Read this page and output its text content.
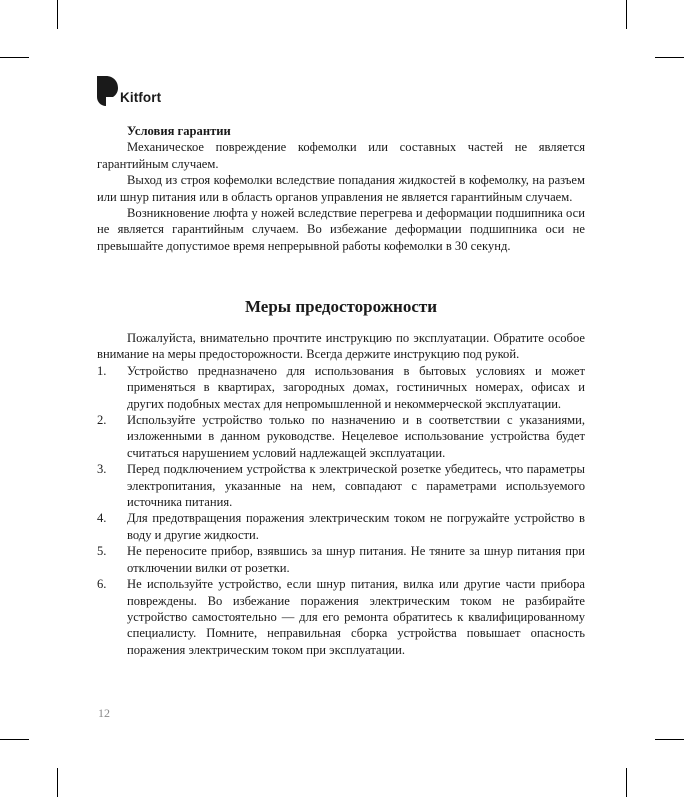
Kitfort
Условия гарантии

Механическое повреждение кофемолки или составных частей не является гарантийным случаем.

Выход из строя кофемолки вследствие попадания жидкостей в кофемолку, на разъем или шнур питания или в область органов управления не является гарантийным случаем.

Возникновение люфта у ножей вследствие перегрева и деформации подшипника оси не является гарантийным случаем. Во избежание деформации подшипника оси не превышайте допустимое время непрерывной работы кофемолки в 30 секунд.

Меры предосторожности

Пожалуйста, внимательно прочтите инструкцию по эксплуатации. Обратите особое внимание на меры предосторожности. Всегда держите инструкцию под рукой.

1.	Устройство предназначено для использования в бытовых условиях и может применяться в квартирах, загородных домах, гостиничных номерах, офисах и других подобных местах для непромышленной и некоммерческой эксплуатации.
2.	Используйте устройство только по назначению и в соответствии с указаниями, изложенными в данном руководстве. Нецелевое использование устройства будет считаться нарушением условий надлежащей эксплуатации.
3.	Перед подключением устройства к электрической розетке убедитесь, что параметры электропитания, указанные на нем, совпадают с параметрами используемого источника питания.
4.	Для предотвращения поражения электрическим током не погружайте устройство в воду и другие жидкости.
5.	Не переносите прибор, взявшись за шнур питания. Не тяните за шнур питания при отключении вилки от розетки.
6.	Не используйте устройство, если шнур питания, вилка или другие части прибора повреждены. Во избежание поражения электрическим током не разбирайте устройство самостоятельно — для его ремонта обратитесь к квалифицированному специалисту. Помните, неправильная сборка устройства повышает опасность поражения электрическим током при эксплуатации.
12
